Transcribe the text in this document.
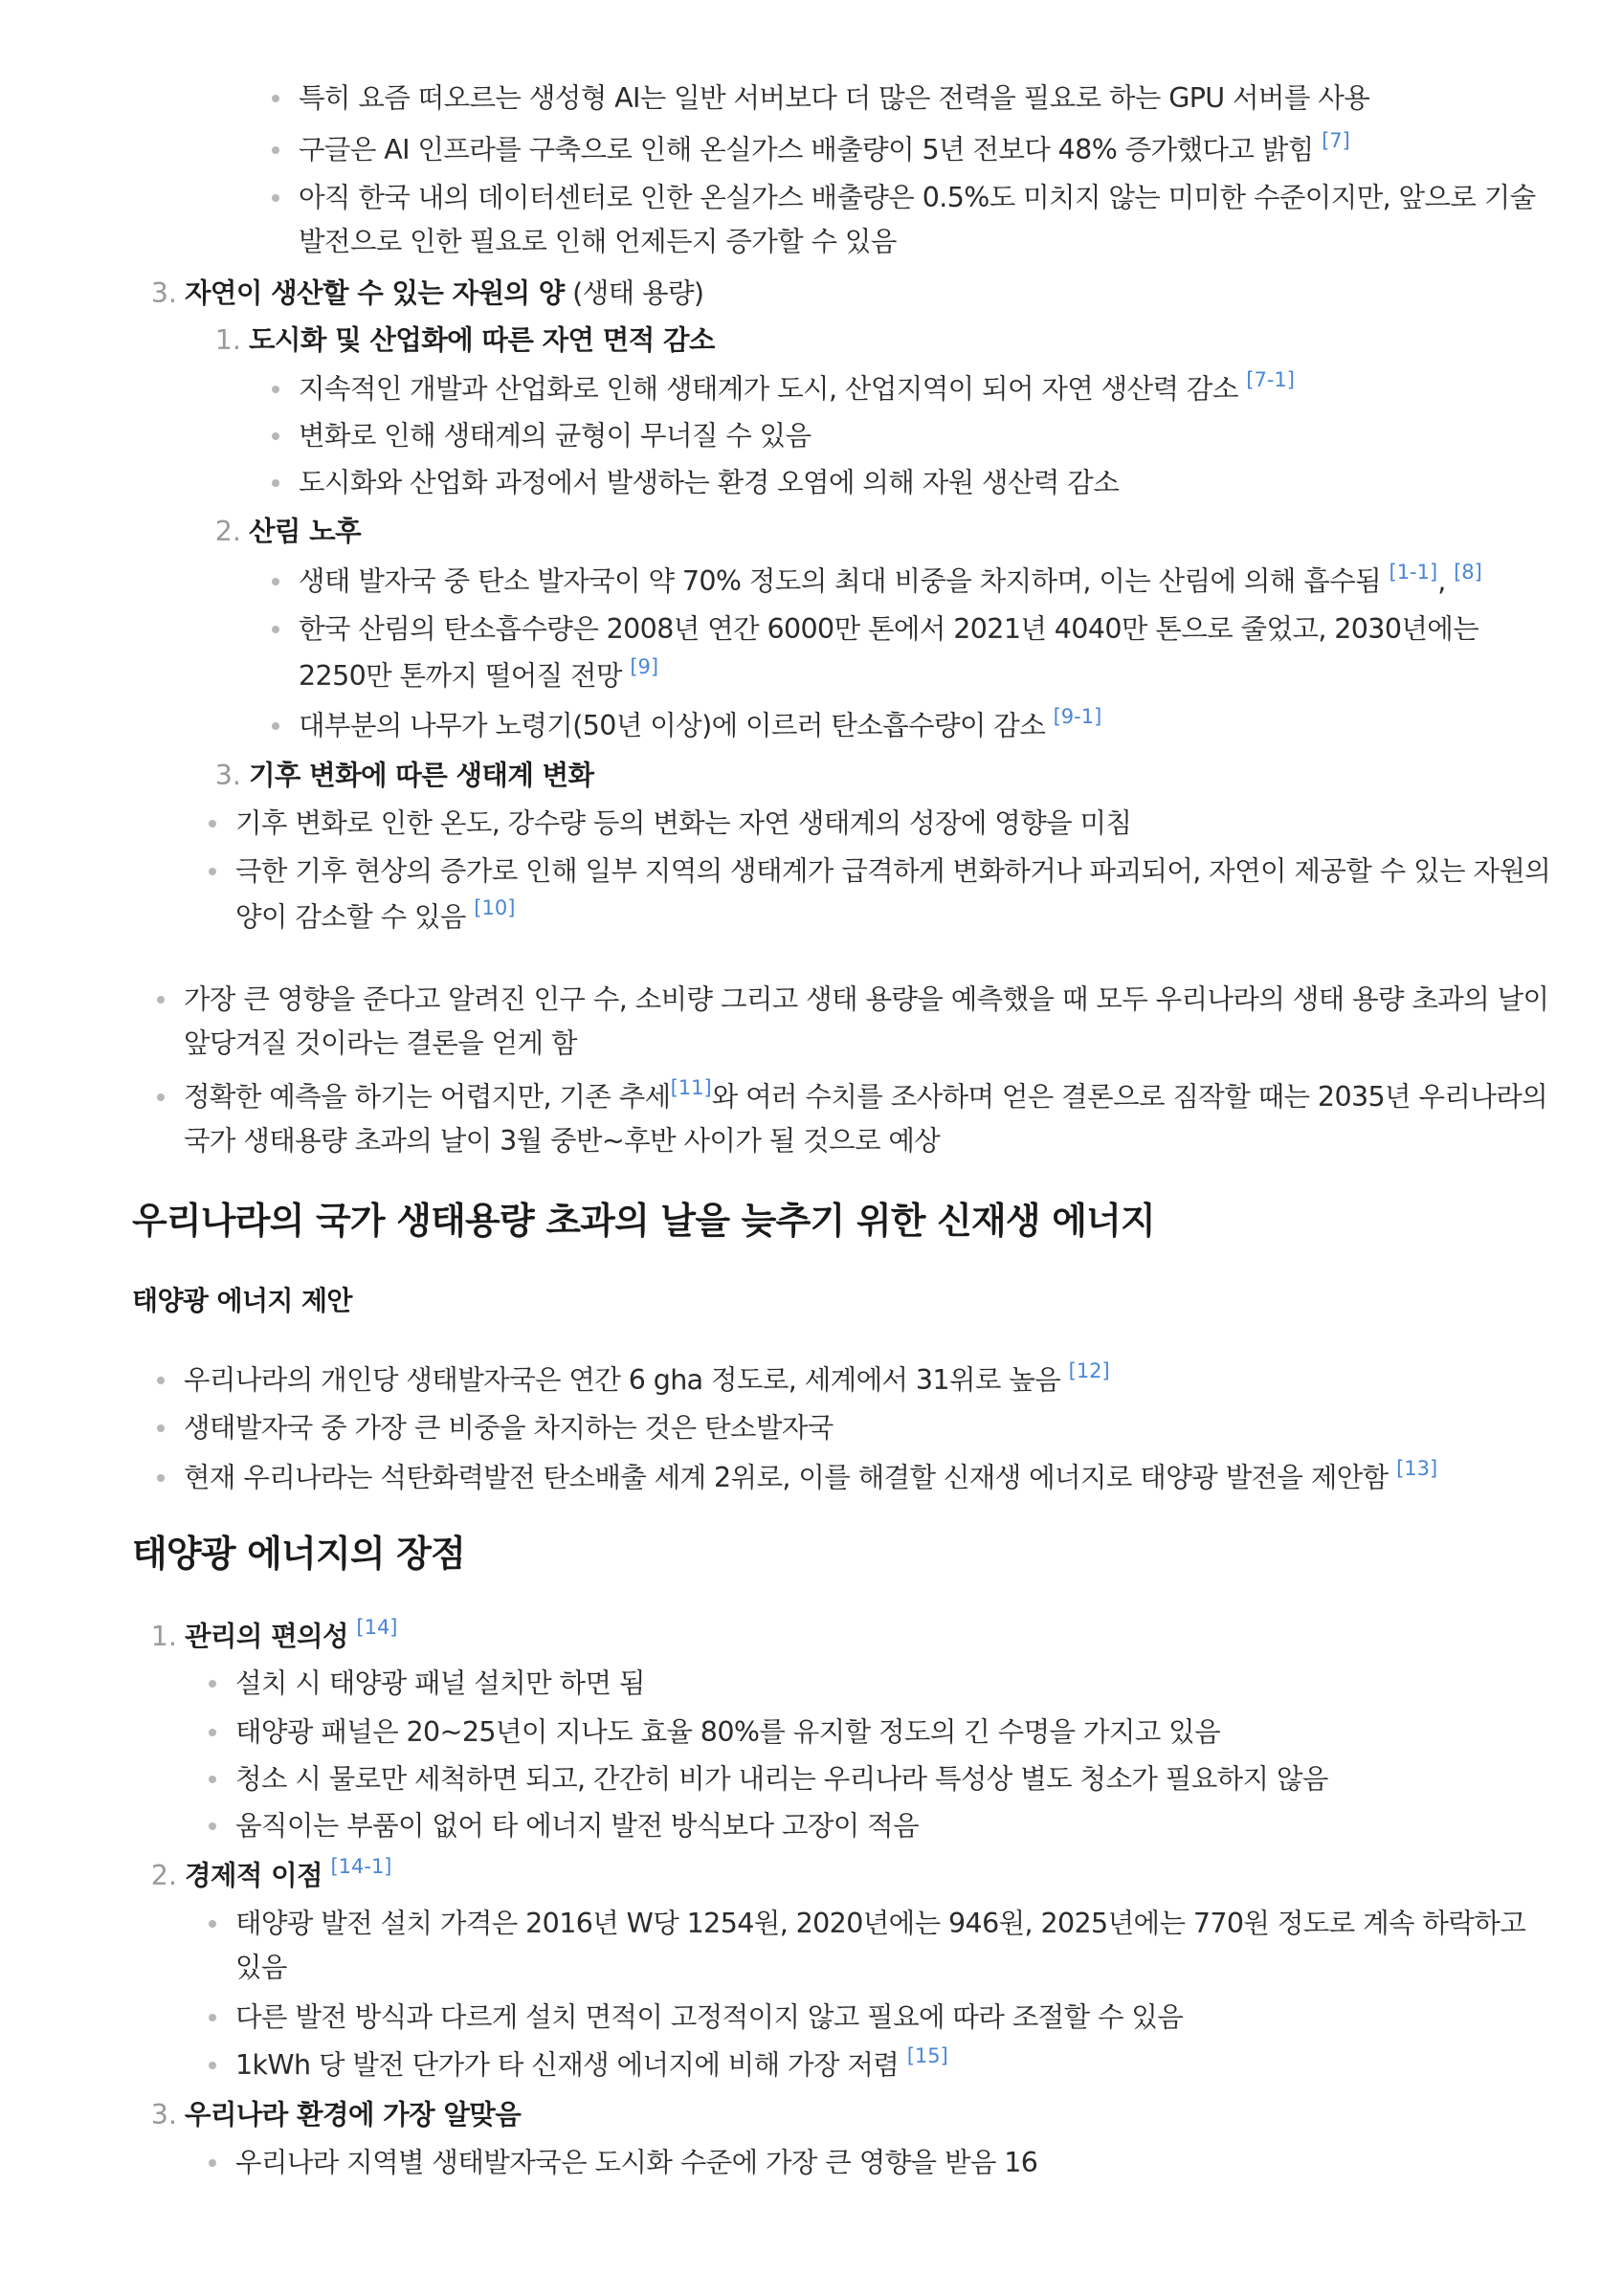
특히 요즘 떠오르는 생성형 AI는 일반 서버보다 더 많은 전력을 필요로 하는 GPU 서버를 사용
구글은 AI 인프라를 구축으로 인해 온실가스 배출량이 5년 전보다 48% 증가했다고 밝힘 [7]
아직 한국 내의 데이터센터로 인한 온실가스 배출량은 0.5%도 미치지 않는 미미한 수준이지만, 앞으로 기술
발전으로 인한 필요로 인해 언제든지 증가할 수 있음
3. 자연이 생산할 수 있는 자원의 양 (생태 용량)
1. 도시화 및 산업화에 따른 자연 면적 감소
지속적인 개발과 산업화로 인해 생태계가 도시, 산업지역이 되어 자연 생산력 감소 [7-1]
변화로 인해 생태계의 균형이 무너질 수 있음
도시화와 산업화 과정에서 발생하는 환경 오염에 의해 자원 생산력 감소
2. 산림 노후
생태 발자국 중 탄소 발자국이 약 70% 정도의 최대 비중을 차지하며, 이는 산림에 의해 흡수됨 [1-1], [8]
한국 산림의 탄소흡수량은 2008년 연간 6000만 톤에서 2021년 4040만 톤으로 줄었고, 2030년에는
2250만 톤까지 떨어질 전망 [9]
대부분의 나무가 노령기(50년 이상)에 이르러 탄소흡수량이 감소 [9-1]
3. 기후 변화에 따른 생태계 변화
기후 변화로 인한 온도, 강수량 등의 변화는 자연 생태계의 성장에 영향을 미침
극한 기후 현상의 증가로 인해 일부 지역의 생태계가 급격하게 변화하거나 파괴되어, 자연이 제공할 수 있는 자원의
양이 감소할 수 있음 [10]
가장 큰 영향을 준다고 알려진 인구 수, 소비량 그리고 생태 용량을 예측했을 때 모두 우리나라의 생태 용량 초과의 날이
앞당겨질 것이라는 결론을 얻게 함
정확한 예측을 하기는 어렵지만, 기존 추세[11]와 여러 수치를 조사하며 얻은 결론으로 짐작할 때는 2035년 우리나라의
국가 생태용량 초과의 날이 3월 중반~후반 사이가 될 것으로 예상
우리나라의 국가 생태용량 초과의 날을 늦추기 위한 신재생 에너지
태양광 에너지 제안
우리나라의 개인당 생태발자국은 연간 6 gha 정도로, 세계에서 31위로 높음 [12]
생태발자국 중 가장 큰 비중을 차지하는 것은 탄소발자국
현재 우리나라는 석탄화력발전 탄소배출 세계 2위로, 이를 해결할 신재생 에너지로 태양광 발전을 제안함 [13]
태양광 에너지의 장점
1. 관리의 편의성 [14]
설치 시 태양광 패널 설치만 하면 됨
태양광 패널은 20~25년이 지나도 효율 80%를 유지할 정도의 긴 수명을 가지고 있음
청소 시 물로만 세척하면 되고, 간간히 비가 내리는 우리나라 특성상 별도 청소가 필요하지 않음
움직이는 부품이 없어 타 에너지 발전 방식보다 고장이 적음
2. 경제적 이점 [14-1]
태양광 발전 설치 가격은 2016년 W당 1254원, 2020년에는 946원, 2025년에는 770원 정도로 계속 하락하고
있음
다른 발전 방식과 다르게 설치 면적이 고정적이지 않고 필요에 따라 조절할 수 있음
1kWh 당 발전 단가가 타 신재생 에너지에 비해 가장 저렴 [15]
3. 우리나라 환경에 가장 알맞음
우리나라 지역별 생태발자국은 도시화 수준에 가장 큰 영향을 받음 16
